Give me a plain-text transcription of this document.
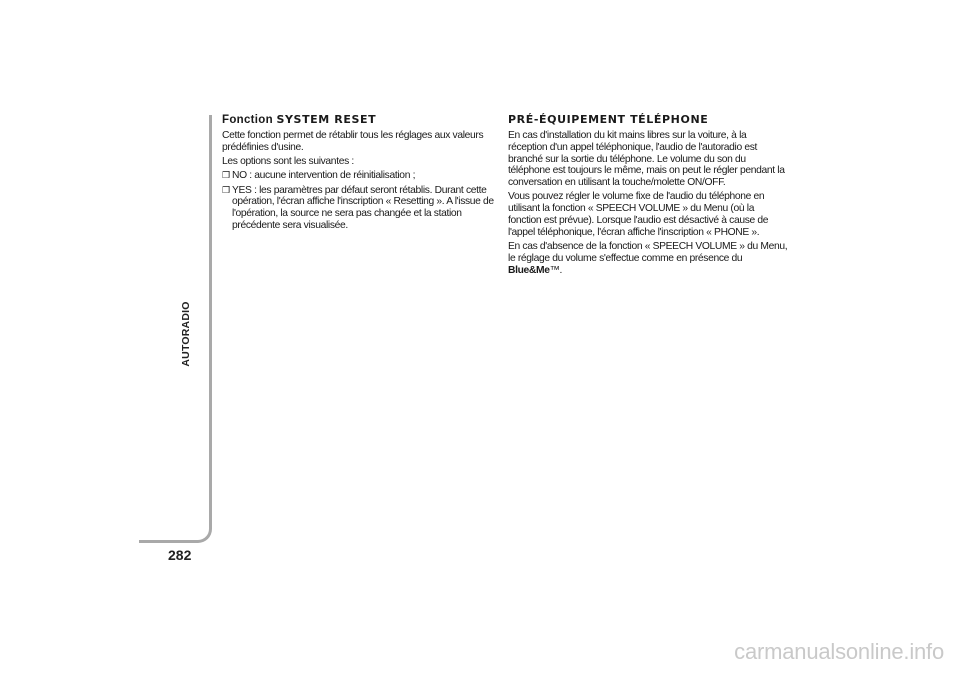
AUTORADIO
282
Fonction SYSTEM RESET
Cette fonction permet de rétablir tous les réglages aux valeurs prédéfinies d'usine.
Les options sont les suivantes :
❒ NO : aucune intervention de réinitialisation ;
❒ YES : les paramètres par défaut seront rétablis. Durant cette opération, l'écran affiche l'inscription « Resetting ». A l'issue de l'opération, la source ne sera pas changée et la station précédente sera visualisée.
PRÉ-ÉQUIPEMENT TÉLÉPHONE
En cas d'installation du kit mains libres sur la voiture, à la réception d'un appel téléphonique, l'audio de l'autoradio est branché sur la sortie du téléphone. Le volume du son du téléphone est toujours le même, mais on peut le régler pendant la conversation en utilisant la touche/molette ON/OFF.
Vous pouvez régler le volume fixe de l'audio du téléphone en utilisant la fonction « SPEECH VOLUME » du Menu (où la fonction est prévue). Lorsque l'audio est désactivé à cause de l'appel téléphonique, l'écran affiche l'inscription « PHONE ».
En cas d'absence de la fonction « SPEECH VOLUME » du Menu, le réglage du volume s'effectue comme en présence du Blue&Me™.
carmanualsonline.info
